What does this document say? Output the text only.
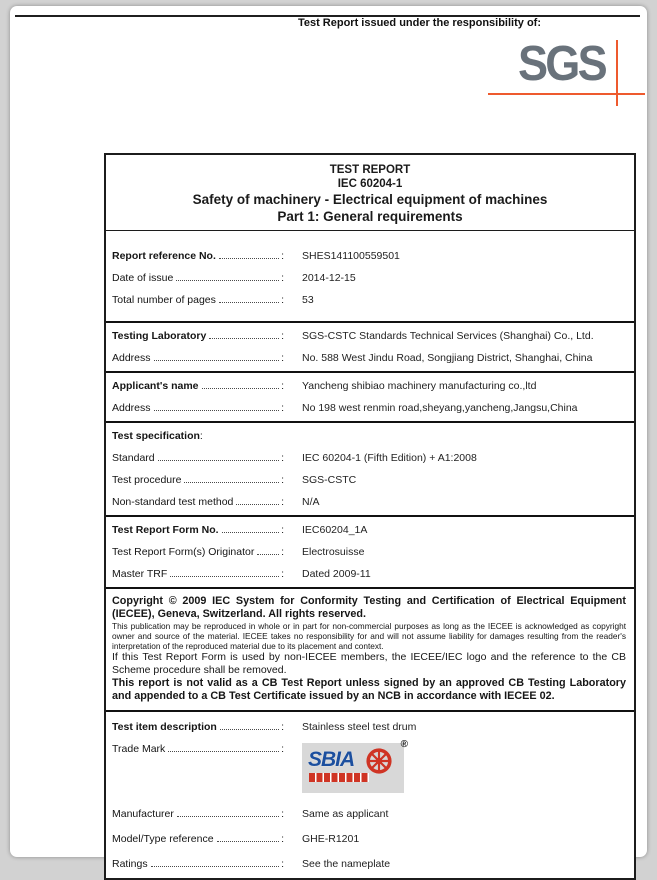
Test Report issued under the responsibility of:
SGS
TEST REPORT
IEC 60204-1
Safety of machinery - Electrical equipment of machines
Part 1: General requirements
Report reference No.	: SHES141100559501
Date of issue	: 2014-12-15
Total number of pages	: 53
Testing Laboratory	: SGS-CSTC Standards Technical Services (Shanghai) Co., Ltd.
Address	: No. 588 West Jindu Road, Songjiang District, Shanghai, China
Applicant's name	: Yancheng shibiao machinery manufacturing co.,ltd
Address	: No 198 west renmin road,sheyang,yancheng,Jangsu,China
Test specification :
Standard	: IEC 60204-1 (Fifth Edition) + A1:2008
Test procedure	: SGS-CSTC
Non-standard test method	: N/A
Test Report Form No.	: IEC60204_1A
Test Report Form(s) Originator	: Electrosuisse
Master TRF	: Dated 2009-11

Copyright © 2009 IEC System for Conformity Testing and Certification of Electrical Equipment (IECEE), Geneva, Switzerland. All rights reserved.

This publication may be reproduced in whole or in part for non-commercial purposes as long as the IECEE is acknowledged as copyright owner and source of the material. IECEE takes no responsibility for and will not assume liability for damages resulting from the reader's interpretation of the reproduced material due to its placement and context.

If this Test Report Form is used by non-IECEE members, the IECEE/IEC logo and the reference to the CB Scheme procedure shall be removed.

This report is not valid as a CB Test Report unless signed by an approved CB Testing Laboratory and appended to a CB Test Certificate issued by an NCB in accordance with IECEE 02.

Test item description	: Stainless steel test drum
Trade Mark	: SBIA
®
Manufacturer	: Same as applicant
Model/Type reference	: GHE-R1201
Ratings	: See the nameplate
